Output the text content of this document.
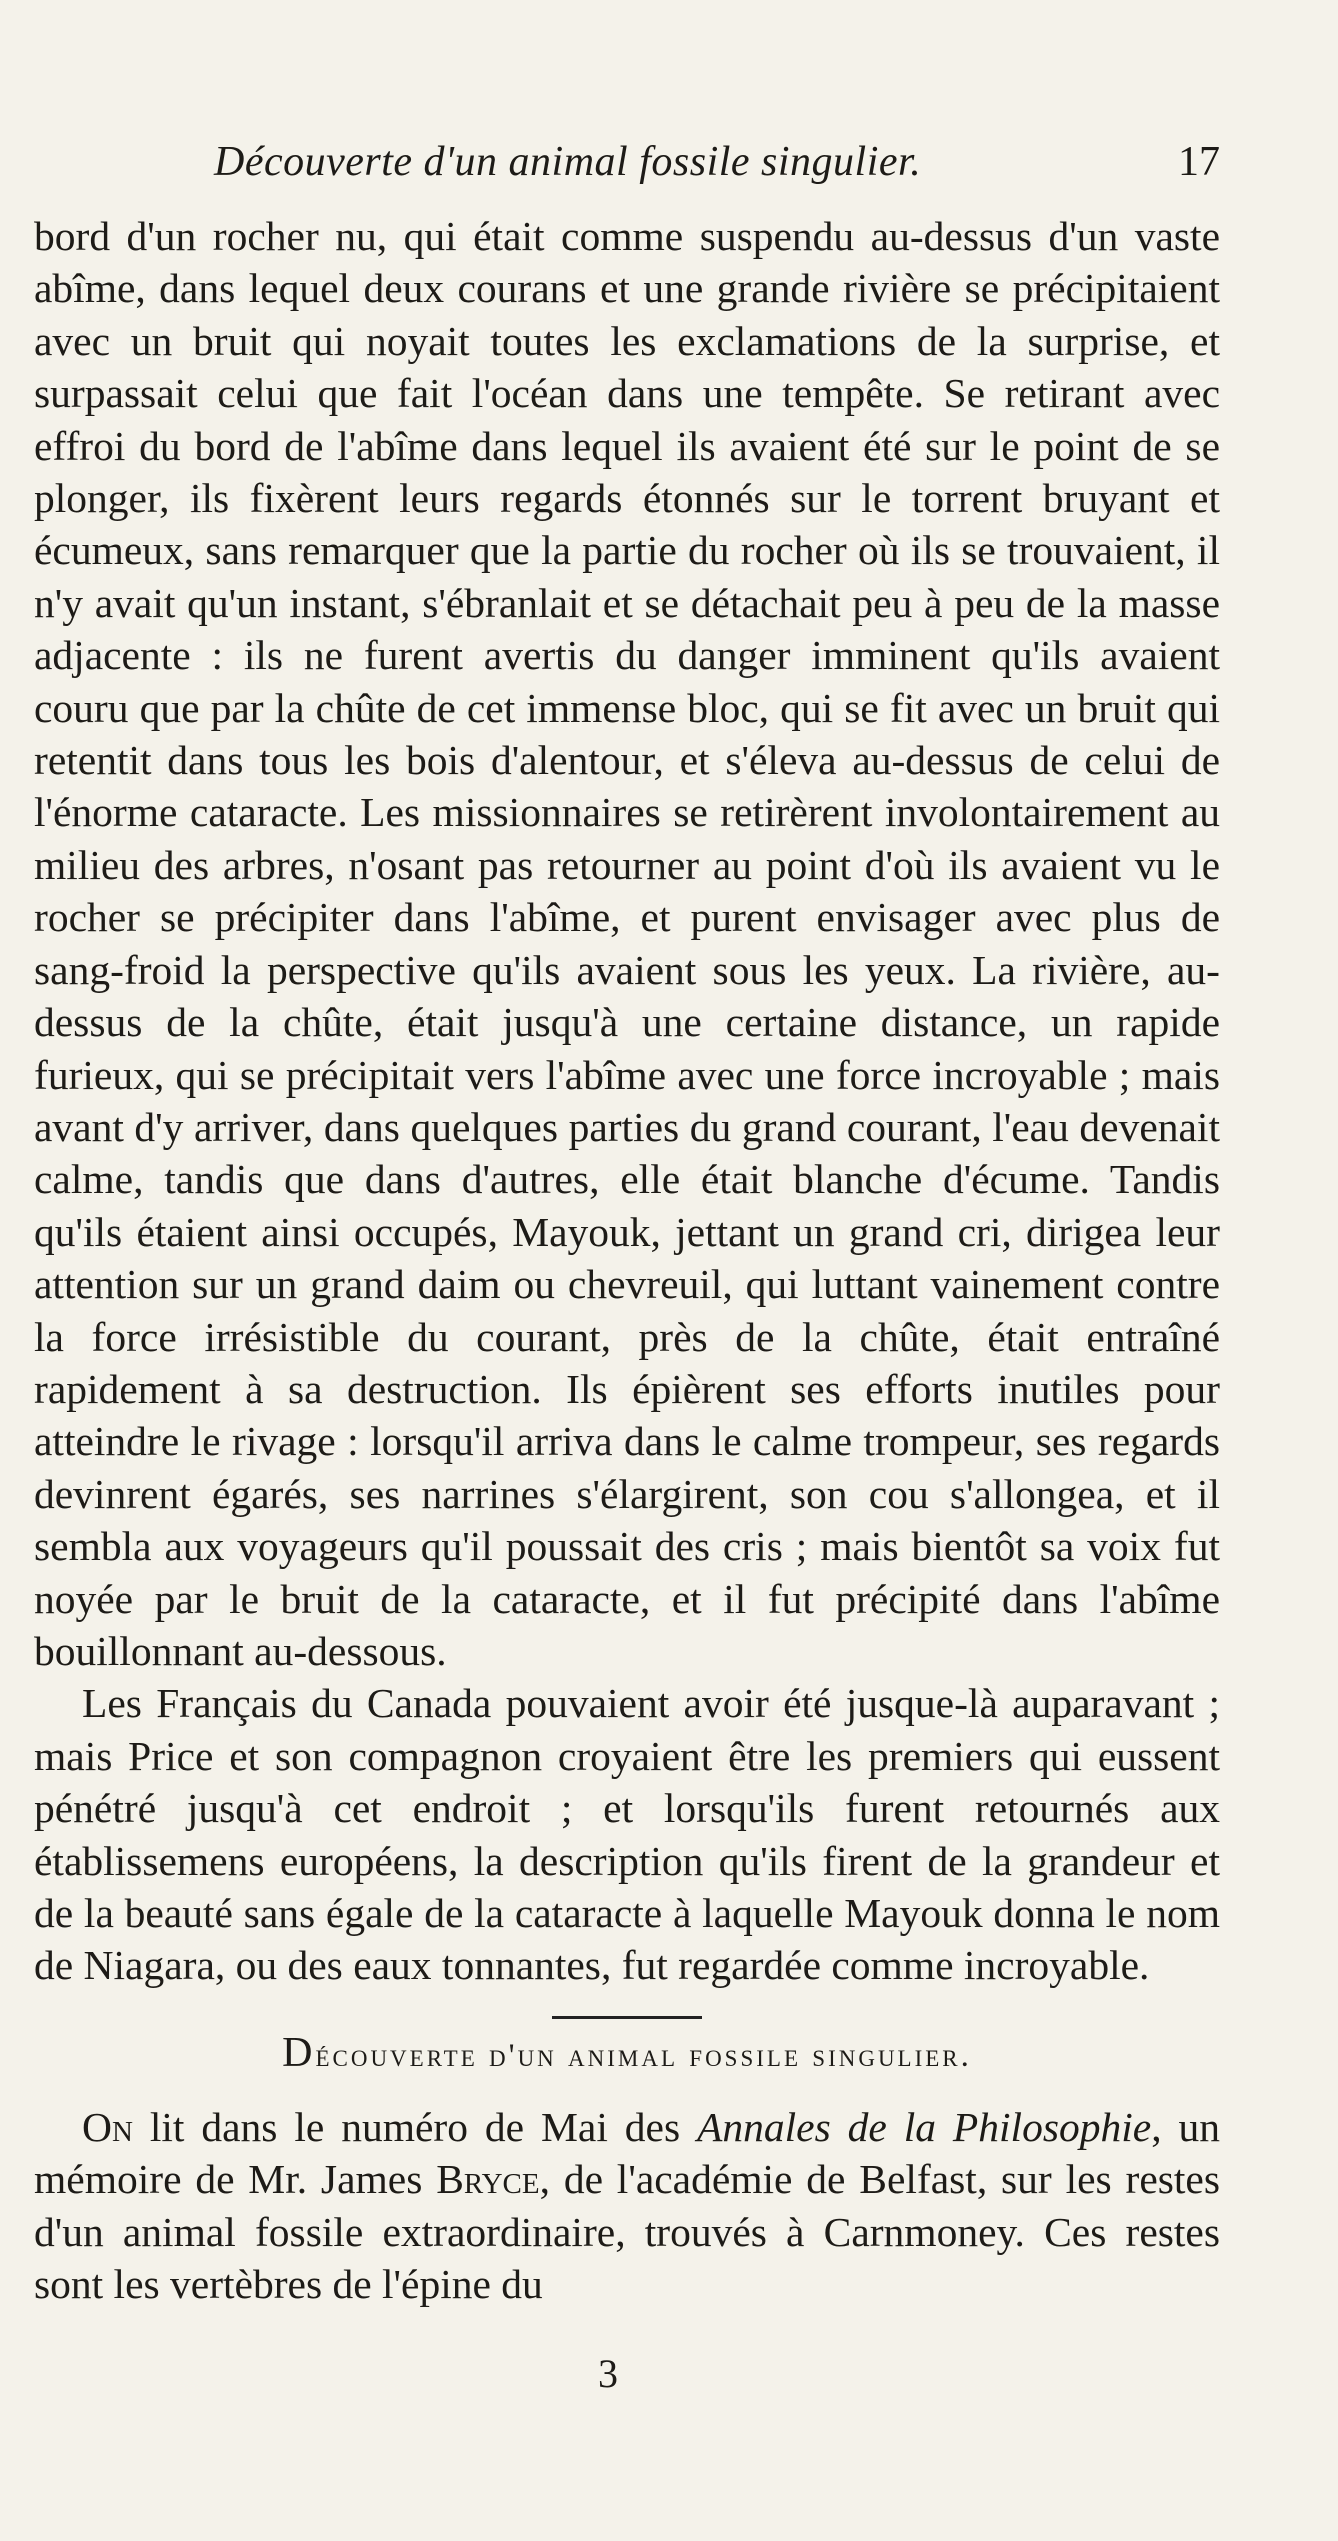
Découverte d'un animal fossile singulier.	17

bord d'un rocher nu, qui était comme suspendu au-dessus d'un vaste abîme, dans lequel deux courans et une grande rivière se précipitaient avec un bruit qui noyait toutes les exclamations de la surprise, et surpassait celui que fait l'océan dans une tempête. Se retirant avec effroi du bord de l'abîme dans lequel ils avaient été sur le point de se plonger, ils fixèrent leurs regards étonnés sur le torrent bruyant et écumeux, sans remarquer que la partie du rocher où ils se trouvaient, il n'y avait qu'un instant, s'ébranlait et se détachait peu à peu de la masse adjacente : ils ne furent avertis du danger imminent qu'ils avaient couru que par la chûte de cet immense bloc, qui se fit avec un bruit qui retentit dans tous les bois d'alentour, et s'éleva au-dessus de celui de l'énorme cataracte. Les missionnaires se retirèrent involontairement au milieu des arbres, n'osant pas retourner au point d'où ils avaient vu le rocher se précipiter dans l'abîme, et purent envisager avec plus de sang-froid la perspective qu'ils avaient sous les yeux. La rivière, au-dessus de la chûte, était jusqu'à une certaine distance, un rapide furieux, qui se précipitait vers l'abîme avec une force incroyable ; mais avant d'y arriver, dans quelques parties du grand courant, l'eau devenait calme, tandis que dans d'autres, elle était blanche d'écume. Tandis qu'ils étaient ainsi occupés, Mayouk, jettant un grand cri, dirigea leur attention sur un grand daim ou chevreuil, qui luttant vainement contre la force irrésistible du courant, près de la chûte, était entraîné rapidement à sa destruction. Ils épièrent ses efforts inutiles pour atteindre le rivage : lorsqu'il arriva dans le calme trompeur, ses regards devinrent égarés, ses narrines s'élargirent, son cou s'allongea, et il sembla aux voyageurs qu'il poussait des cris ; mais bientôt sa voix fut noyée par le bruit de la cataracte, et il fut précipité dans l'abîme bouillonnant au-dessous.

Les Français du Canada pouvaient avoir été jusque-là auparavant ; mais Price et son compagnon croyaient être les premiers qui eussent pénétré jusqu'à cet endroit ; et lorsqu'ils furent retournés aux établissemens européens, la description qu'ils firent de la grandeur et de la beauté sans égale de la cataracte à laquelle Mayouk donna le nom de Niagara, ou des eaux tonnantes, fut regardée comme incroyable.

Découverte d'un animal fossile singulier.

On lit dans le numéro de Mai des Annales de la Philosophie, un mémoire de Mr. James Bryce, de l'académie de Belfast, sur les restes d'un animal fossile extraordinaire, trouvés à Carnmoney. Ces restes sont les vertèbres de l'épine du

3
